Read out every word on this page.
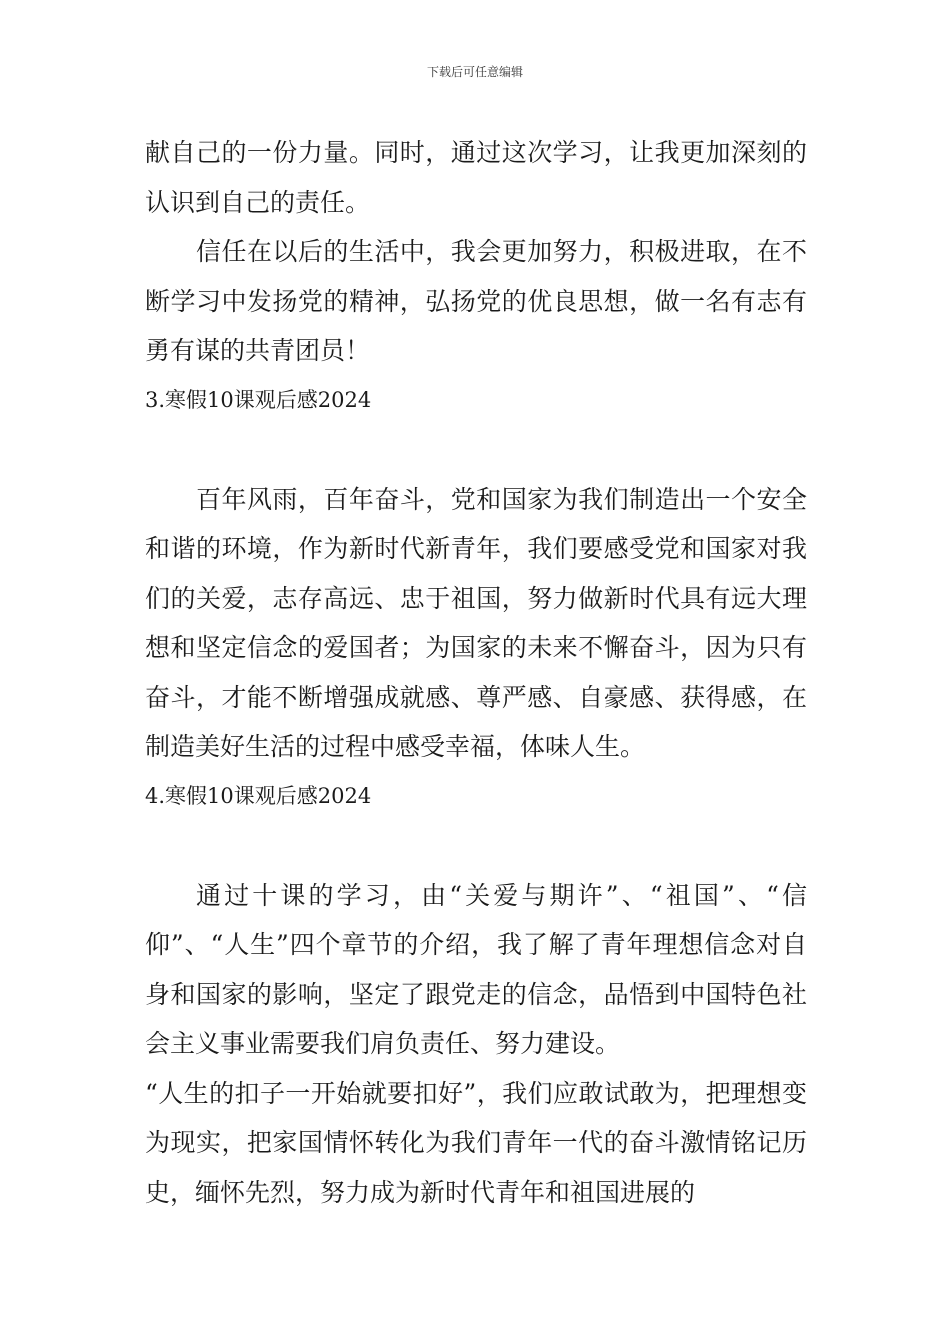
下载后可任意编辑

献自己的一份力量。同时，通过这次学习，让我更加深刻的认识到自己的责任。

信任在以后的生活中，我会更加努力，积极进取，在不断学习中发扬党的精神，弘扬党的优良思想，做一名有志有勇有谋的共青团员！

3.寒假10课观后感2024

百年风雨，百年奋斗，党和国家为我们制造出一个安全和谐的环境，作为新时代新青年，我们要感受党和国家对我们的关爱，志存高远、忠于祖国，努力做新时代具有远大理想和坚定信念的爱国者；为国家的未来不懈奋斗，因为只有奋斗，才能不断增强成就感、尊严感、自豪感、获得感，在制造美好生活的过程中感受幸福，体味人生。

4.寒假10课观后感2024

通过十课的学习，由“关爱与期许”、“祖国”、“信仰”、“人生”四个章节的介绍，我了解了青年理想信念对自身和国家的影响，坚定了跟党走的信念，品悟到中国特色社会主义事业需要我们肩负责任、努力建设。

“人生的扣子一开始就要扣好”，我们应敢试敢为，把理想变为现实，把家国情怀转化为我们青年一代的奋斗激情铭记历史，缅怀先烈，努力成为新时代青年和祖国进展的
